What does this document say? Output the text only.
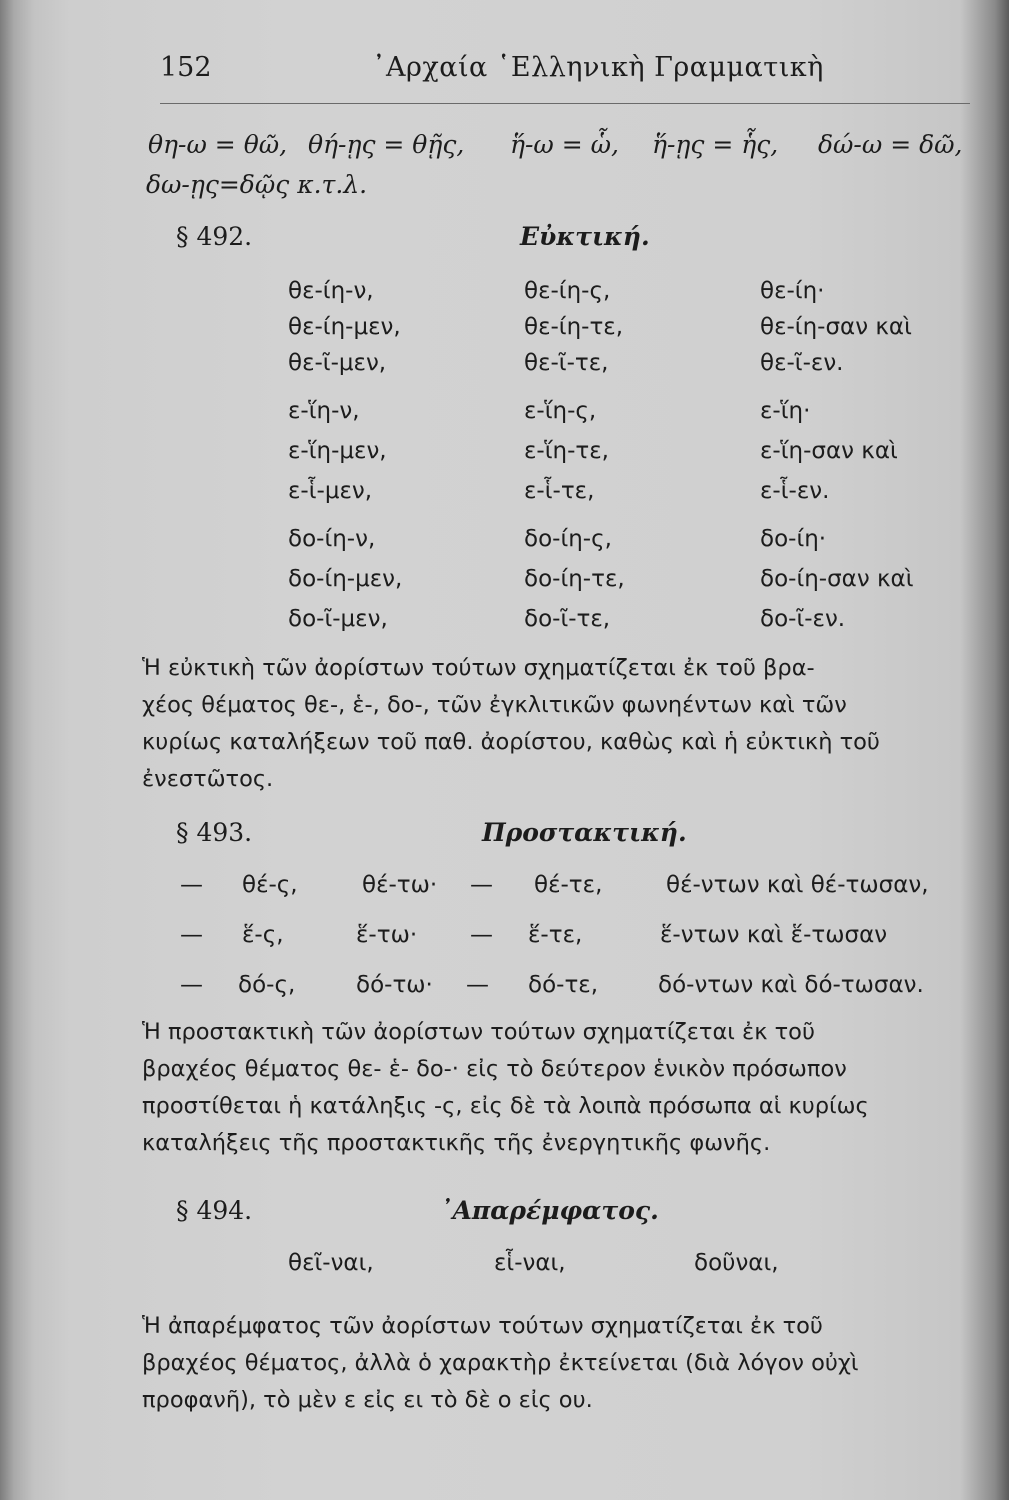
152	᾿Αρχαία ῾Ελληνικὴ Γραμματικὴ
θη-ω = θῶ, θή-ῃς = θῇς, ἥ-ω = ὧ, ἥ-ῃς = ἧς, δώ-ω = δῶ,
δω-ῃς=δῷς κ.τ.λ.
§ 492.	Εὐκτική.
θε-ίη-ν,	θε-ίη-ς,	θε-ίη·
θε-ίη-μεν,	θε-ίη-τε,	θε-ίη-σαν καὶ
θε-ῖ-μεν,	θε-ῖ-τε,	θε-ῖ-εν.
ε-ἵη-ν,	ε-ἵη-ς,	ε-ἵη·
ε-ἵη-μεν,	ε-ἵη-τε,	ε-ἵη-σαν καὶ
ε-ἷ-μεν,	ε-ἷ-τε,	ε-ἷ-εν.
δο-ίη-ν,	δο-ίη-ς,	δο-ίη·
δο-ίη-μεν,	δο-ίη-τε,	δο-ίη-σαν καὶ
δο-ῖ-μεν,	δο-ῖ-τε,	δο-ῖ-εν.
Ἡ εὐκτικὴ τῶν ἀορίστων τούτων σχηματίζεται ἐκ τοῦ βρα-
χέος θέματος θε-, ἑ-, δο-, τῶν ἐγκλιτικῶν φωνηέντων καὶ τῶν
κυρίως καταλήξεων τοῦ παθ. ἀορίστου, καθὼς καὶ ἡ εὐκτικὴ τοῦ
ἐνεστῶτος.
§ 493.	Προστακτική.
— θέ-ς,	θέ-τω· — θέ-τε,	θέ-ντων καὶ θέ-τωσαν,
— ἕ-ς,	ἕ-τω· — ἕ-τε,	ἕ-ντων καὶ ἕ-τωσαν
— δό-ς,	δό-τω· — δό-τε,	δό-ντων καὶ δό-τωσαν.
Ἡ προστακτικὴ τῶν ἀορίστων τούτων σχηματίζεται ἐκ τοῦ
βραχέος θέματος θε- ἑ- δο-· εἰς τὸ δεύτερον ἑνικὸν πρόσωπον
προστίθεται ἡ κατάληξις -ς, εἰς δὲ τὰ λοιπὰ πρόσωπα αἱ κυρίως
καταλήξεις τῆς προστακτικῆς τῆς ἐνεργητικῆς φωνῆς.
§ 494.	᾿Απαρέμφατος.
θεῖ-ναι,	εἷ-ναι,	δοῦναι,
Ἡ ἀπαρέμφατος τῶν ἀορίστων τούτων σχηματίζεται ἐκ τοῦ
βραχέος θέματος, ἀλλὰ ὁ χαρακτὴρ ἐκτείνεται (διὰ λόγον οὐχὶ
προφανῆ), τὸ μὲν ε εἰς ει τὸ δὲ ο εἰς ου.
